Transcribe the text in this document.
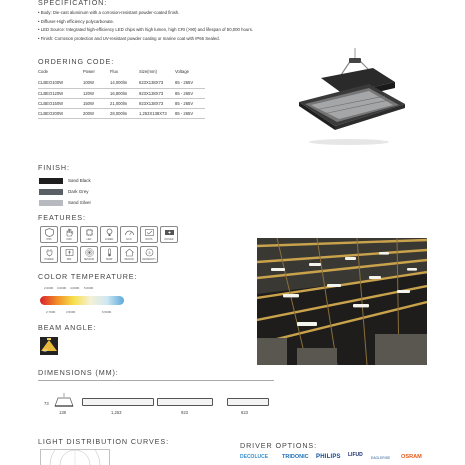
SPECIFICATION:
• Body: Die-cast aluminum with a corrosion-resistant powder-coated finish.
• Diffuser-High efficiency polycarbonate.
• LED Source: Integrated high-efficiency LED chips with high lumen, high CRI (>90) and lifespan of 50,000 hours.
• Finish: Corrosion protection and UV-resistant powder coating or marine coat with IP66 Sealed.
ORDERING CODE:
Code	Power	Flux	Size(mm)	Voltage
CLBEO100W	100W	14,000lm	623X138X73	85 - 265V
CLBEO120W	120W	16,800lm	923X138X73	85 - 265V
CLBEO150W	150W	21,000lm	923X138X73	85 - 265V
CLBEO200W	200W	28,000lm	1,253X138X73	85 - 265V
FINISH:
Sand Black
Dark Grey
Sand Silver
FEATURES:
IP66	IK08	LED	LUMEN	ECO	ROHS	DRIVER
POWER	DIM	SENSOR	TEMP	INDOOR
5
WARRANTY
COLOR TEMPERATURE:
2,000K 3,000K 4,000K 5,000K
2,700K	3,500K	6,500K
BEAM ANGLE:
90°
DIMENSIONS (MM):
73
138	1,253	923	623
LIGHT DISTRIBUTION CURVES:	DRIVER OPTIONS:
DECOLUCE	TRIDONIC PHILIPS LIFUD EAGLERISE OSRAM
